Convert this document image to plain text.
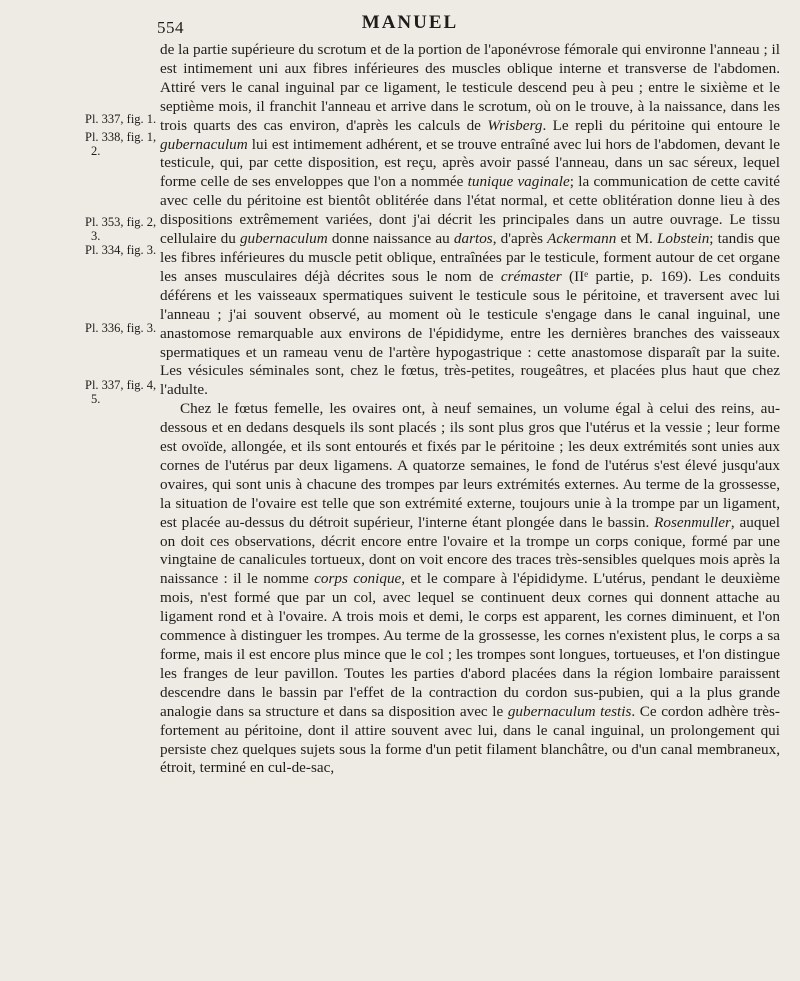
554	MANUEL
Pl. 337, fig. 1.
Pl. 338, fig. 1,
2.
Pl. 353, fig. 2,
3.
Pl. 334, fig. 3.
Pl. 336, fig. 3.
Pl. 337, fig. 4,
5.

de la partie supérieure du scrotum et de la portion de l'aponévrose fémorale qui environne l'anneau ; il est intimement uni aux fibres inférieures des muscles oblique interne et transverse de l'abdomen. Attiré vers le canal inguinal par ce ligament, le testicule descend peu à peu ; entre le sixième et le septième mois, il franchit l'anneau et arrive dans le scrotum, où on le trouve, à la naissance, dans les trois quarts des cas environ, d'après les calculs de Wrisberg. Le repli du péritoine qui entoure le gubernaculum lui est intimement adhérent, et se trouve entraîné avec lui hors de l'abdomen, devant le testicule, qui, par cette disposition, est reçu, après avoir passé l'anneau, dans un sac séreux, lequel forme celle de ses enveloppes que l'on a nommée tunique vaginale; la communication de cette cavité avec celle du péritoine est bientôt oblitérée dans l'état normal, et cette oblitération donne lieu à des dispositions extrêmement variées, dont j'ai décrit les principales dans un autre ouvrage. Le tissu cellulaire du gubernaculum donne naissance au dartos, d'après Ackermann et M. Lobstein; tandis que les fibres inférieures du muscle petit oblique, entraînées par le testicule, forment autour de cet organe les anses musculaires déjà décrites sous le nom de crémaster (IIᵉ partie, p. 169). Les conduits déférens et les vaisseaux spermatiques suivent le testicule sous le péritoine, et traversent avec lui l'anneau ; j'ai souvent observé, au moment où le testicule s'engage dans le canal inguinal, une anastomose remarquable aux environs de l'épididyme, entre les dernières branches des vaisseaux spermatiques et un rameau venu de l'artère hypogastrique : cette anastomose disparaît par la suite. Les vésicules séminales sont, chez le fœtus, très-petites, rougeâtres, et placées plus haut que chez l'adulte.

Chez le fœtus femelle, les ovaires ont, à neuf semaines, un volume égal à celui des reins, au-dessous et en dedans desquels ils sont placés ; ils sont plus gros que l'utérus et la vessie ; leur forme est ovoïde, allongée, et ils sont entourés et fixés par le péritoine ; les deux extrémités sont unies aux cornes de l'utérus par deux ligamens. A quatorze semaines, le fond de l'utérus s'est élevé jusqu'aux ovaires, qui sont unis à chacune des trompes par leurs extrémités externes. Au terme de la grossesse, la situation de l'ovaire est telle que son extrémité externe, toujours unie à la trompe par un ligament, est placée au-dessus du détroit supérieur, l'interne étant plongée dans le bassin. Rosenmuller, auquel on doit ces observations, décrit encore entre l'ovaire et la trompe un corps conique, formé par une vingtaine de canalicules tortueux, dont on voit encore des traces très-sensibles quelques mois après la naissance : il le nomme corps conique, et le compare à l'épididyme. L'utérus, pendant le deuxième mois, n'est formé que par un col, avec lequel se continuent deux cornes qui donnent attache au ligament rond et à l'ovaire. A trois mois et demi, le corps est apparent, les cornes diminuent, et l'on commence à distinguer les trompes. Au terme de la grossesse, les cornes n'existent plus, le corps a sa forme, mais il est encore plus mince que le col ; les trompes sont longues, tortueuses, et l'on distingue les franges de leur pavillon. Toutes les parties d'abord placées dans la région lombaire paraissent descendre dans le bassin par l'effet de la contraction du cordon sus-pubien, qui a la plus grande analogie dans sa structure et dans sa disposition avec le gubernaculum testis. Ce cordon adhère très-fortement au péritoine, dont il attire souvent avec lui, dans le canal inguinal, un prolongement qui persiste chez quelques sujets sous la forme d'un petit filament blanchâtre, ou d'un canal membraneux, étroit, terminé en cul-de-sac,
